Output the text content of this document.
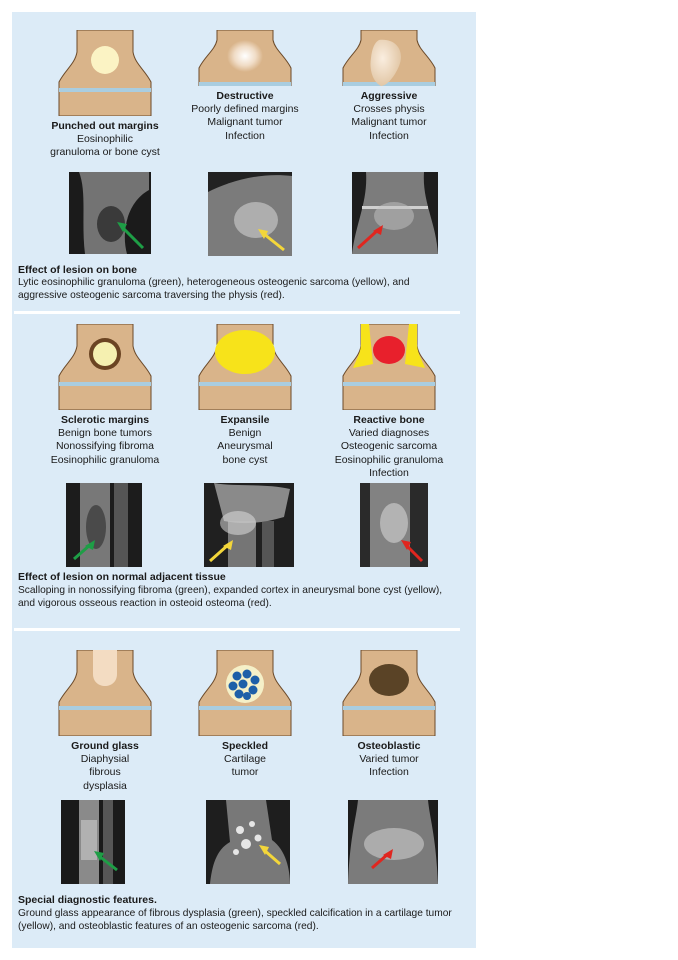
Punched out margins
Eosinophilic
granuloma or bone cyst
Destructive
Poorly defined margins
Malignant tumor
Infection
Aggressive
Crosses physis
Malignant tumor
Infection
Effect of lesion on bone
Lytic eosinophilic granuloma (green), heterogeneous osteogenic sarcoma (yellow), and aggressive osteogenic sarcoma traversing the physis (red).
Sclerotic margins
Benign bone tumors
Nonossifying fibroma
Eosinophilic granuloma
Expansile
Benign
Aneurysmal
bone cyst
Reactive bone
Varied diagnoses
Osteogenic sarcoma
Eosinophilic granuloma
Infection
Effect of lesion on normal adjacent tissue
Scalloping in nonossifying fibroma (green), expanded cortex in aneurysmal bone cyst (yellow), and vigorous osseous reaction in osteoid osteoma (red).
Ground glass
Diaphysial
fibrous
dysplasia
Speckled
Cartilage
tumor
Osteoblastic
Varied tumor
Infection
Special diagnostic features.
Ground glass appearance of fibrous dysplasia (green), speckled calcification in a cartilage tumor (yellow), and osteoblastic features of an osteogenic sarcoma (red).
